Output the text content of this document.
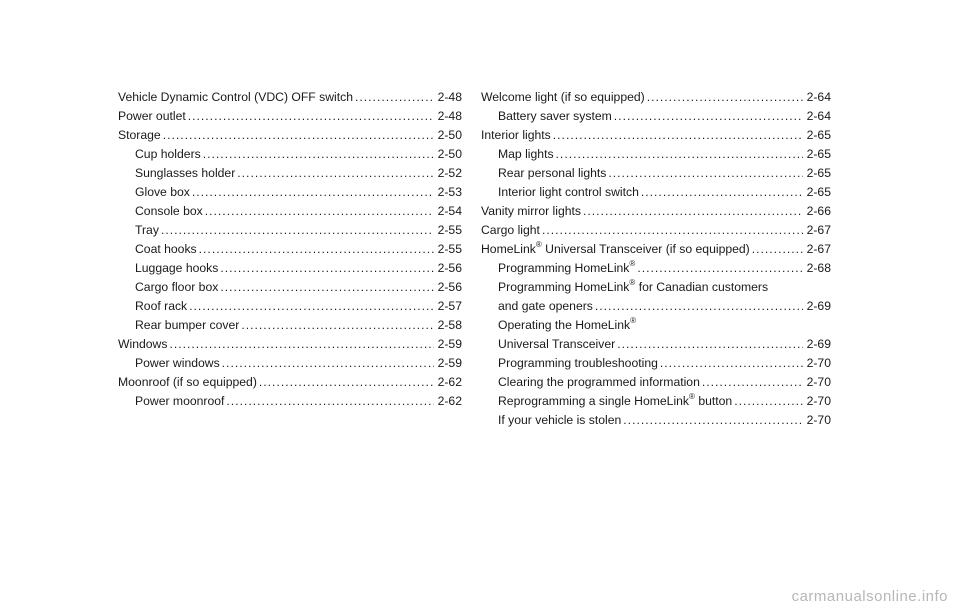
Vehicle Dynamic Control (VDC) OFF switch .....	2-48
Power outlet .....	2-48
Storage .....	2-50
Cup holders .....	2-50
Sunglasses holder .....	2-52
Glove box .....	2-53
Console box .....	2-54
Tray .....	2-55
Coat hooks .....	2-55
Luggage hooks .....	2-56
Cargo floor box .....	2-56
Roof rack .....	2-57
Rear bumper cover .....	2-58
Windows .....	2-59
Power windows .....	2-59
Moonroof (if so equipped) .....	2-62
Power moonroof .....	2-62
Welcome light (if so equipped) .....	2-64
Battery saver system .....	2-64
Interior lights .....	2-65
Map lights .....	2-65
Rear personal lights .....	2-65
Interior light control switch .....	2-65
Vanity mirror lights .....	2-66
Cargo light .....	2-67
HomeLink® Universal Transceiver (if so equipped) .....	2-67
Programming HomeLink® .....	2-68
Programming HomeLink® for Canadian customers
and gate openers .....	2-69
Operating the HomeLink®
Universal Transceiver .....	2-69
Programming troubleshooting .....	2-70
Clearing the programmed information .....	2-70
Reprogramming a single HomeLink® button .....	2-70
If your vehicle is stolen .....	2-70
carmanualsonline.info
